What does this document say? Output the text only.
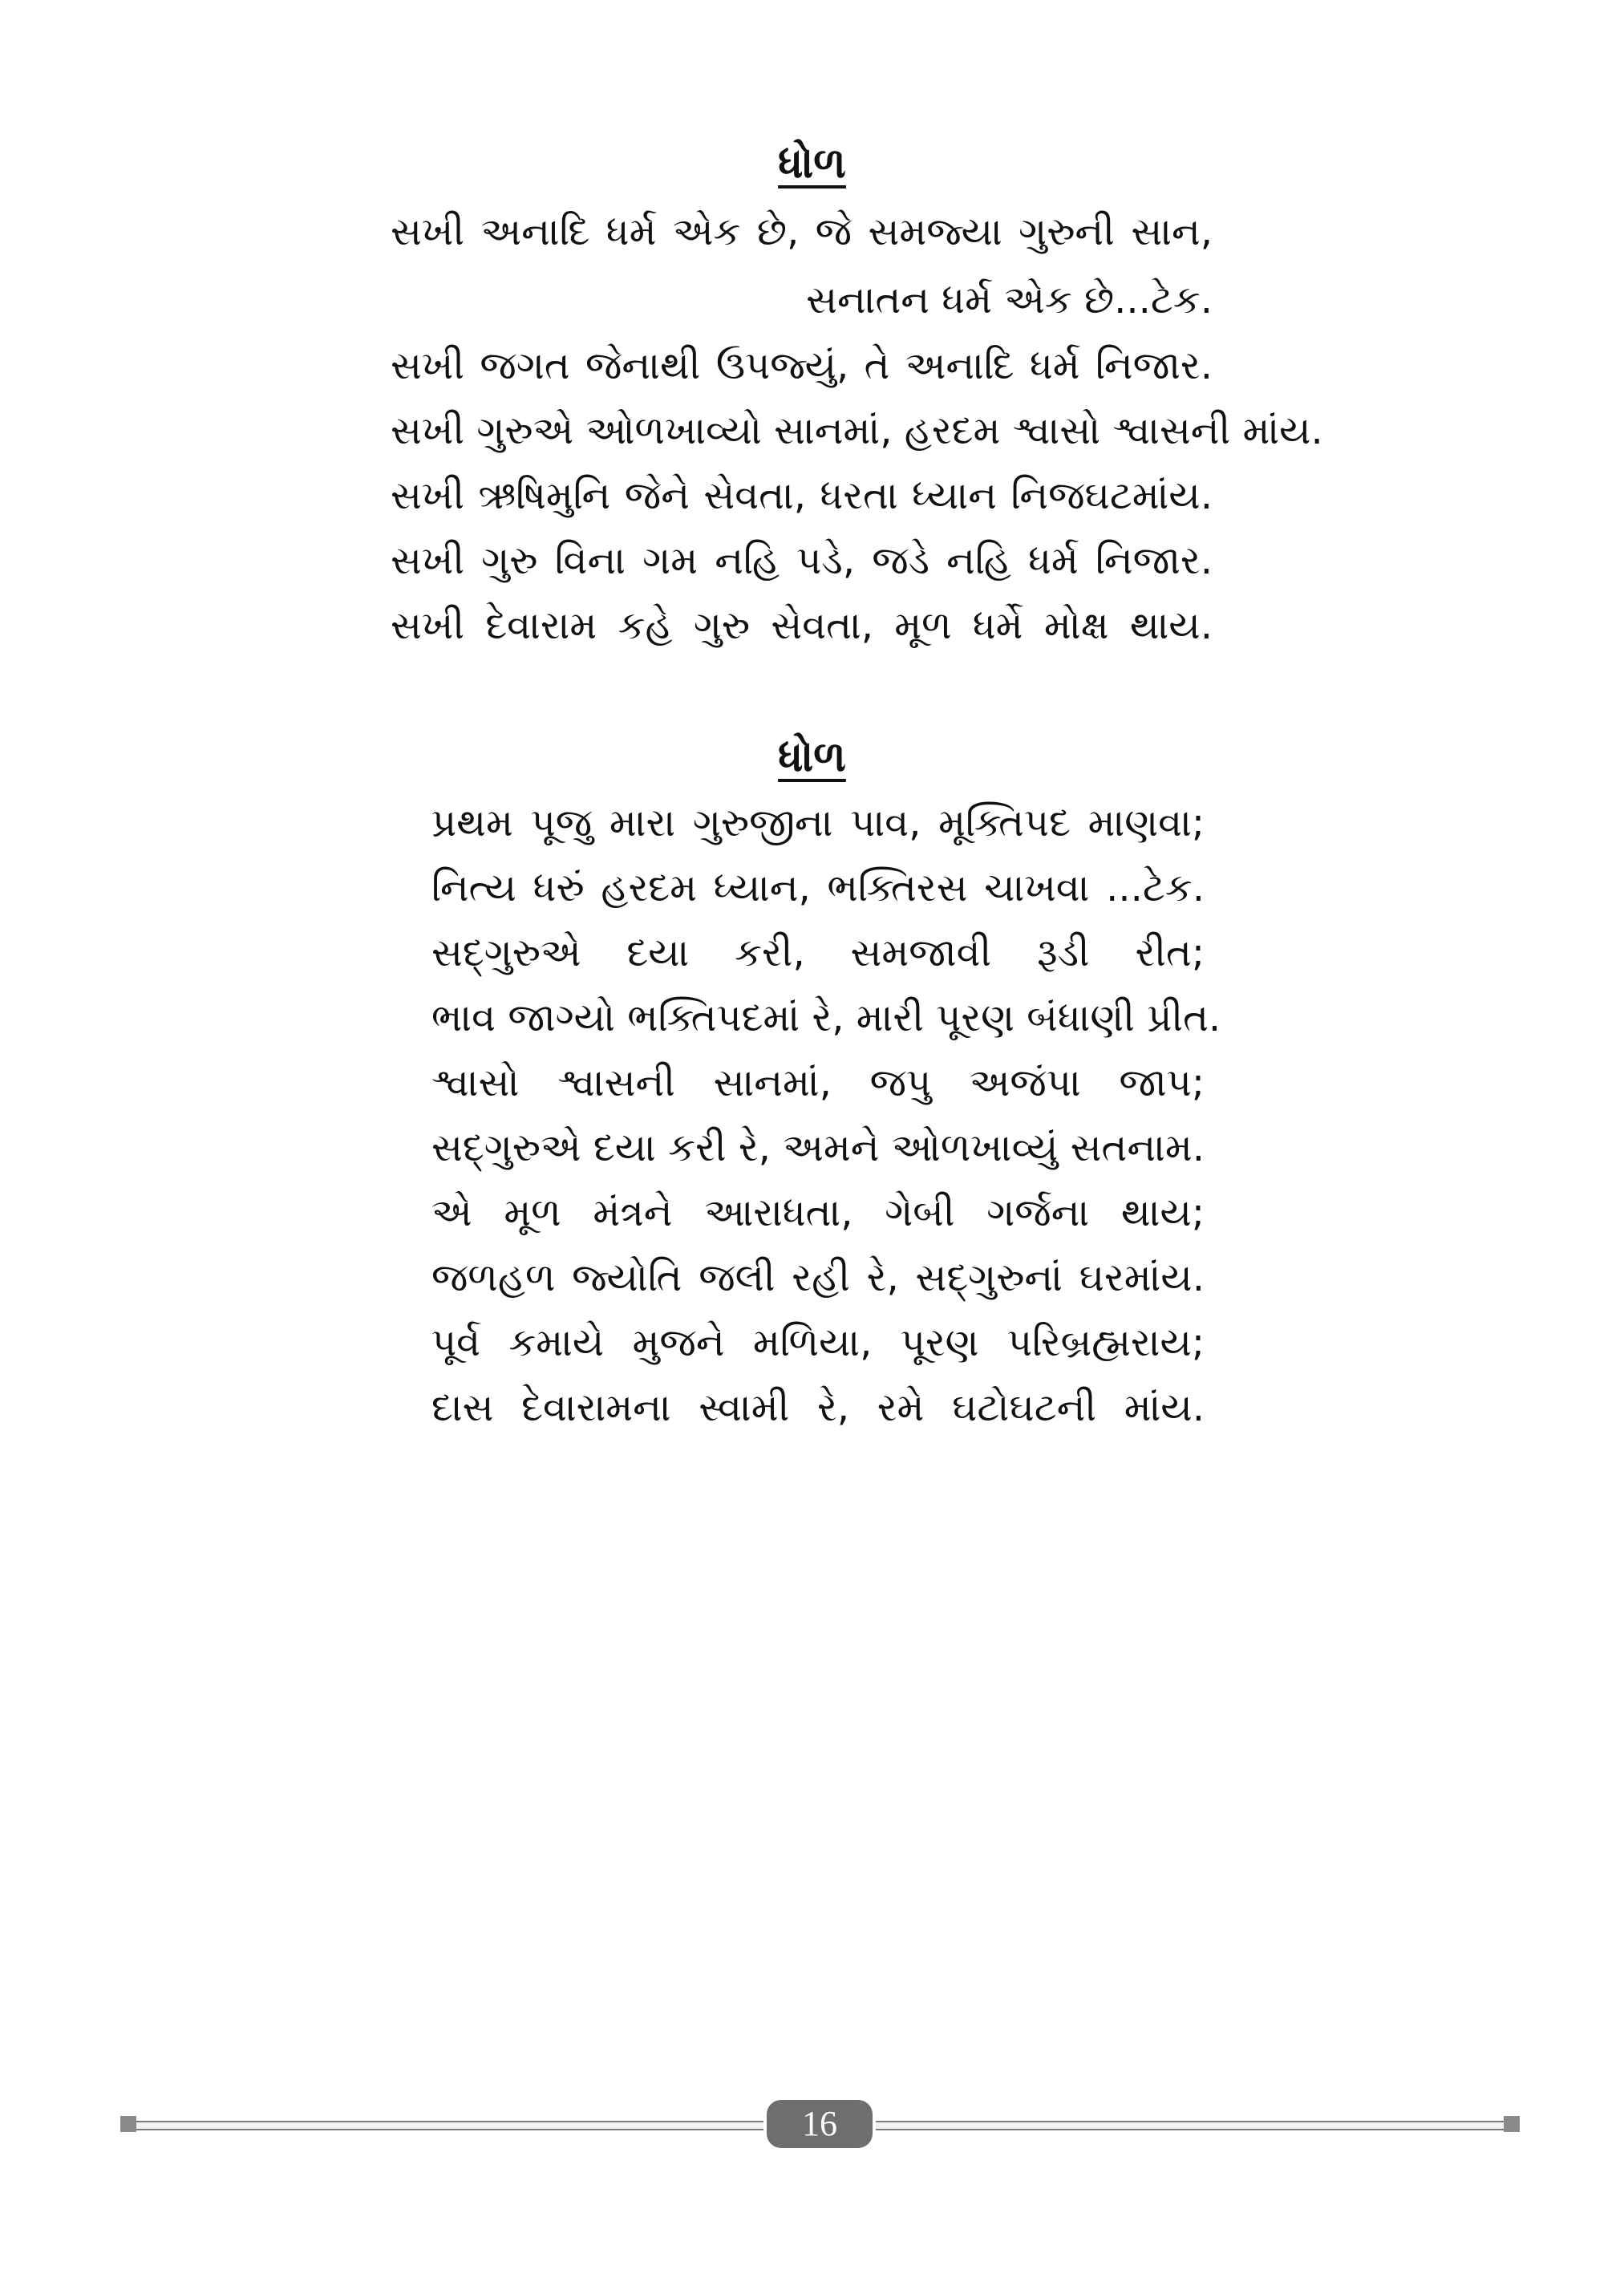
ધોળ
સખી અનાદિ ધર્મ એક છે, જે સમજ્યા ગુરુની સાન,
સનાતન ધર્મ એક છે...ટેક.
સખી જગત જેનાથી ઉપજ્યું, તે અનાદિ ધર્મ નિજાર.
સખી ગુરુએ ઓળખાવ્યો સાનમાં, હરદમ શ્વાસો શ્વાસની માંય.
સખી ઋષિમુનિ જેને સેવતા, ધરતા ધ્યાન નિજઘટમાંય.
સખી ગુરુ વિના ગમ નહિ પડે, જડે નહિ ધર્મ નિજાર.
સખી દેવારામ કહે ગુરુ સેવતા, મૂળ ધર્મે મોક્ષ થાય.
ધોળ
પ્રથમ પૂજુ મારા ગુરુજીના પાવ, મૂક્તિપદ માણવા;
નિત્ય ધરું હરદમ ધ્યાન, ભક્તિરસ ચાખવા ...ટેક.
સદ્ગુરુએ દયા કરી, સમજાવી રૂડી રીત;
ભાવ જાગ્યો ભક્તિપદમાં રે, મારી પૂરણ બંધાણી પ્રીત.
શ્વાસો શ્વાસની સાનમાં, જપુ અજંપા જાપ;
સદ્ગુરુએ દયા કરી રે, અમને ઓળખાવ્યું સતનામ.
એ મૂળ મંત્રને આરાધતા, ગેબી ગર્જના થાય;
જળહળ જ્યોતિ જલી રહી રે, સદ્ગુરુનાં ઘરમાંય.
પૂર્વ કમાયે મુજને મળિયા, પૂરણ પરિબ્રહ્મરાય;
દાસ દેવારામના સ્વામી રે, રમે ઘટોઘટની માંય.
16
